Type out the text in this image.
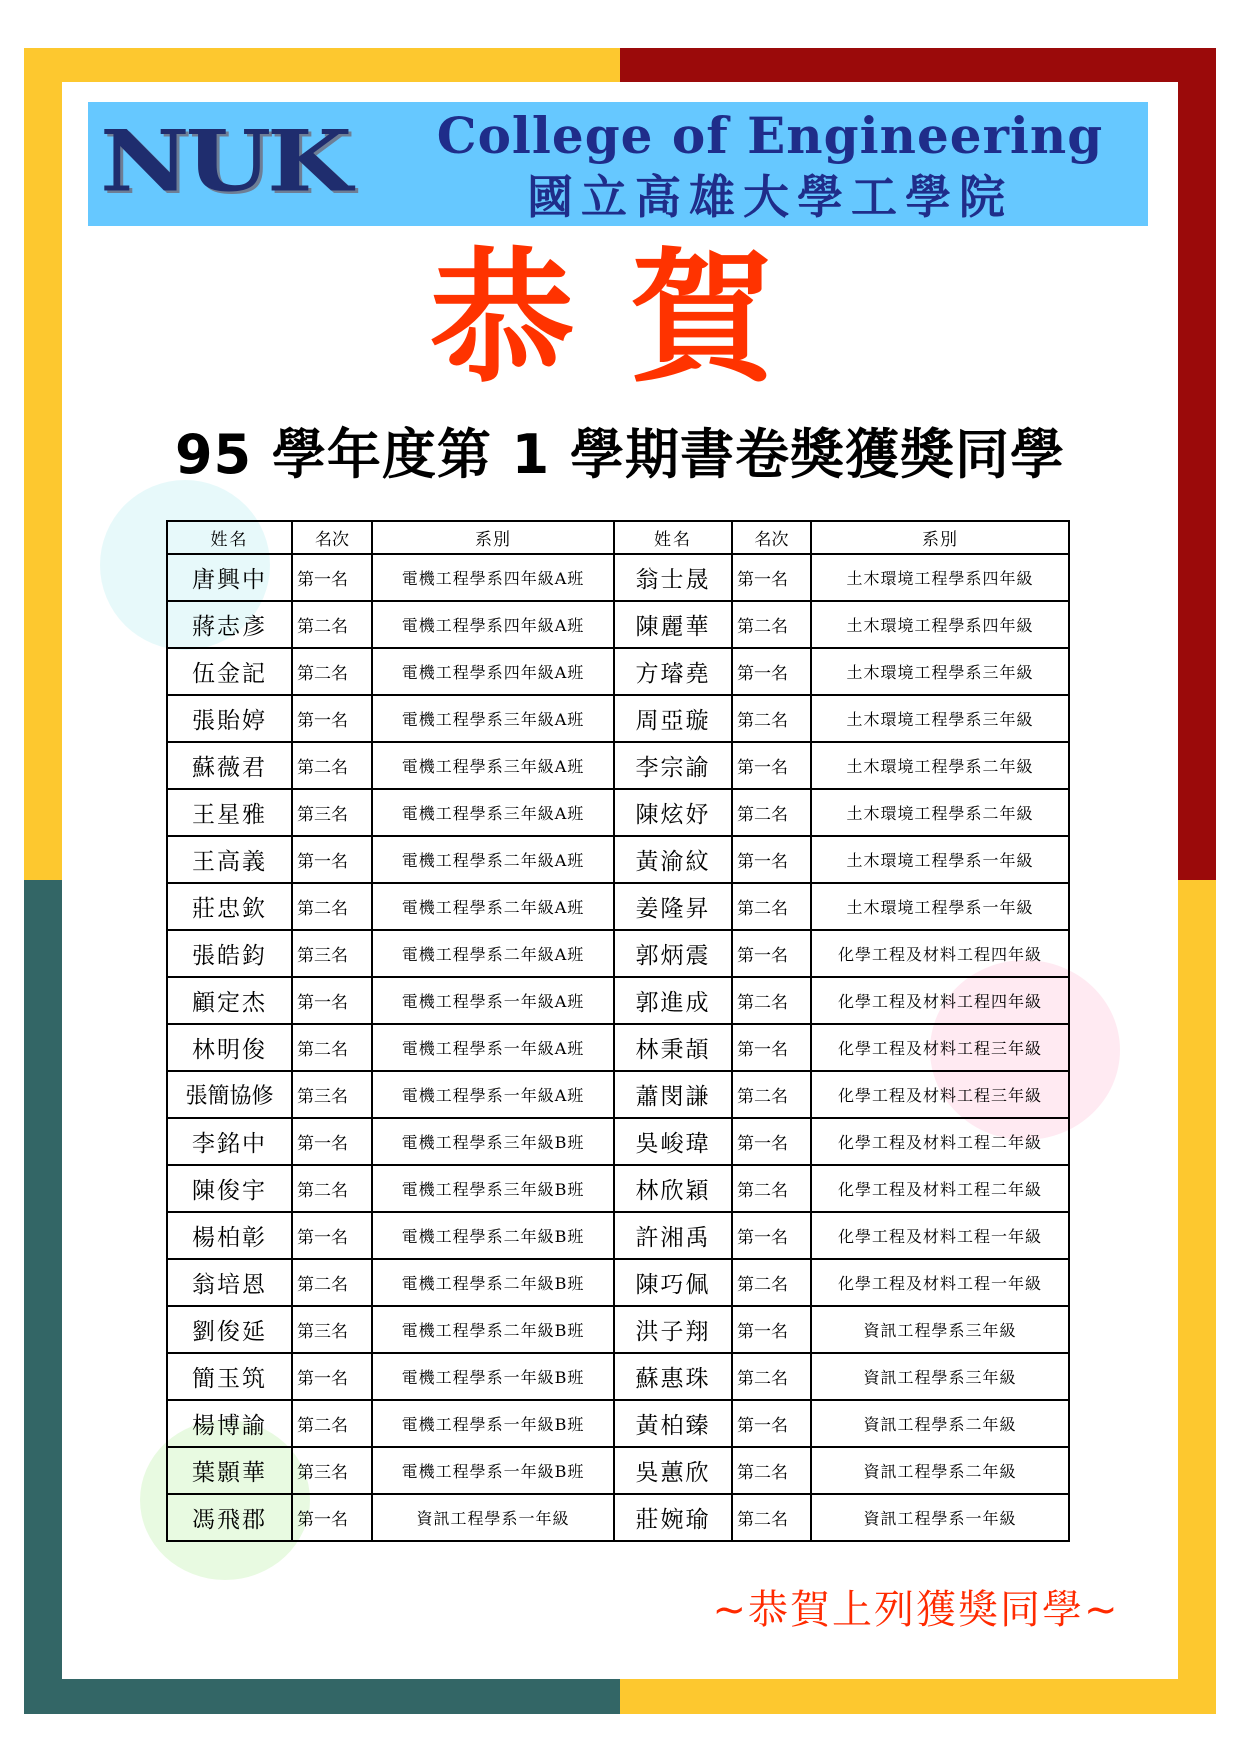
NUK	College of Engineering
國立高雄大學工學院
恭賀
95 學年度第 1 學期書卷獎獲獎同學
姓名	名次	系別	姓名	名次	系別
唐興中	第一名	電機工程學系四年級A班	翁士晟	第一名	土木環境工程學系四年級
蔣志彥	第二名	電機工程學系四年級A班	陳麗華	第二名	土木環境工程學系四年級
伍金記	第二名	電機工程學系四年級A班	方璿堯	第一名	土木環境工程學系三年級
張貽婷	第一名	電機工程學系三年級A班	周亞璇	第二名	土木環境工程學系三年級
蘇薇君	第二名	電機工程學系三年級A班	李宗諭	第一名	土木環境工程學系二年級
王星雅	第三名	電機工程學系三年級A班	陳炫妤	第二名	土木環境工程學系二年級
王高義	第一名	電機工程學系二年級A班	黃渝紋	第一名	土木環境工程學系一年級
莊忠欽	第二名	電機工程學系二年級A班	姜隆昇	第二名	土木環境工程學系一年級
張皓鈞	第三名	電機工程學系二年級A班	郭炳震	第一名	化學工程及材料工程四年級
顧定杰	第一名	電機工程學系一年級A班	郭進成	第二名	化學工程及材料工程四年級
林明俊	第二名	電機工程學系一年級A班	林秉頡	第一名	化學工程及材料工程三年級
張簡協修	第三名	電機工程學系一年級A班	蕭閔謙	第二名	化學工程及材料工程三年級
李銘中	第一名	電機工程學系三年級B班	吳峻瑋	第一名	化學工程及材料工程二年級
陳俊宇	第二名	電機工程學系三年級B班	林欣穎	第二名	化學工程及材料工程二年級
楊柏彰	第一名	電機工程學系二年級B班	許湘禹	第一名	化學工程及材料工程一年級
翁培恩	第二名	電機工程學系二年級B班	陳巧佩	第二名	化學工程及材料工程一年級
劉俊延	第三名	電機工程學系二年級B班	洪子翔	第一名	資訊工程學系三年級
簡玉筑	第一名	電機工程學系一年級B班	蘇惠珠	第二名	資訊工程學系三年級
楊博諭	第二名	電機工程學系一年級B班	黃柏臻	第一名	資訊工程學系二年級
葉顥華	第三名	電機工程學系一年級B班	吳蕙欣	第二名	資訊工程學系二年級
馮飛郡	第一名	資訊工程學系一年級	莊婉瑜	第二名	資訊工程學系一年級
~恭賀上列獲獎同學~
